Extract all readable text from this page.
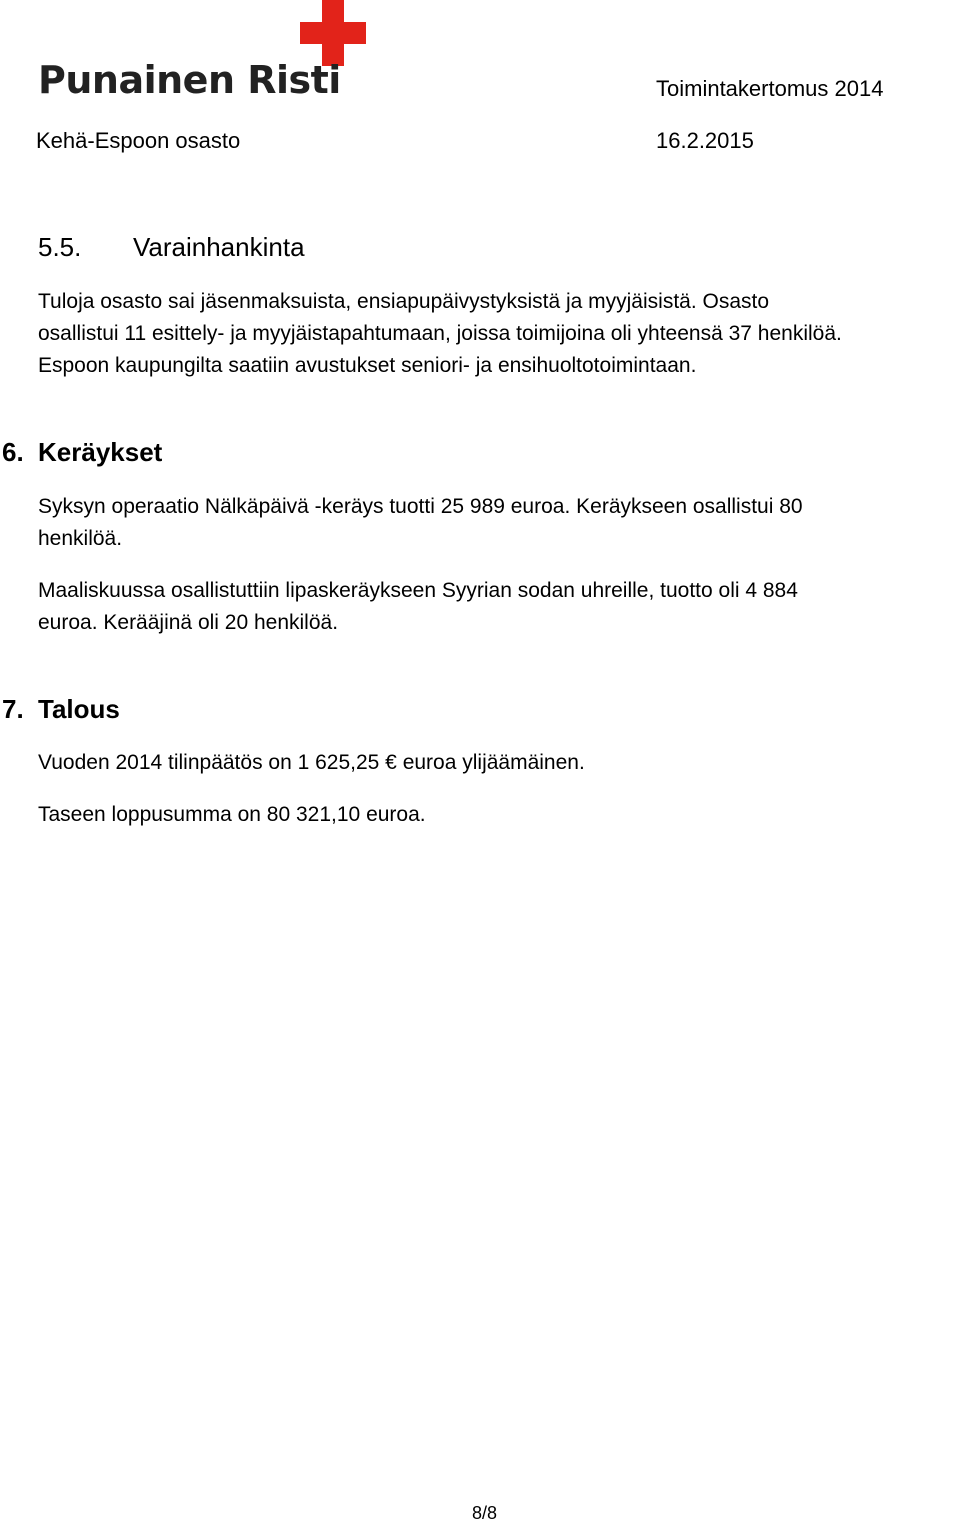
Punainen Risti	Toimintakertomus 2014
Kehä-Espoon osasto	16.2.2015
5.5. Varainhankinta
Tuloja osasto sai jäsenmaksuista, ensiapupäivystyksistä ja myyjäisistä. Osasto
osallistui 11 esittely- ja myyjäistapahtumaan, joissa toimijoina oli yhteensä 37 henkilöä.
Espoon kaupungilta saatiin avustukset seniori- ja ensihuoltotoimintaan.
6. Keräykset
Syksyn operaatio Nälkäpäivä -keräys tuotti 25 989 euroa. Keräykseen osallistui 80
henkilöä.
Maaliskuussa osallistuttiin lipaskeräykseen Syyrian sodan uhreille, tuotto oli 4 884
euroa. Kerääjinä oli 20 henkilöä.
7. Talous
Vuoden 2014 tilinpäätös on 1 625,25 € euroa ylijäämäinen.
Taseen loppusumma on 80 321,10 euroa.
8/8
